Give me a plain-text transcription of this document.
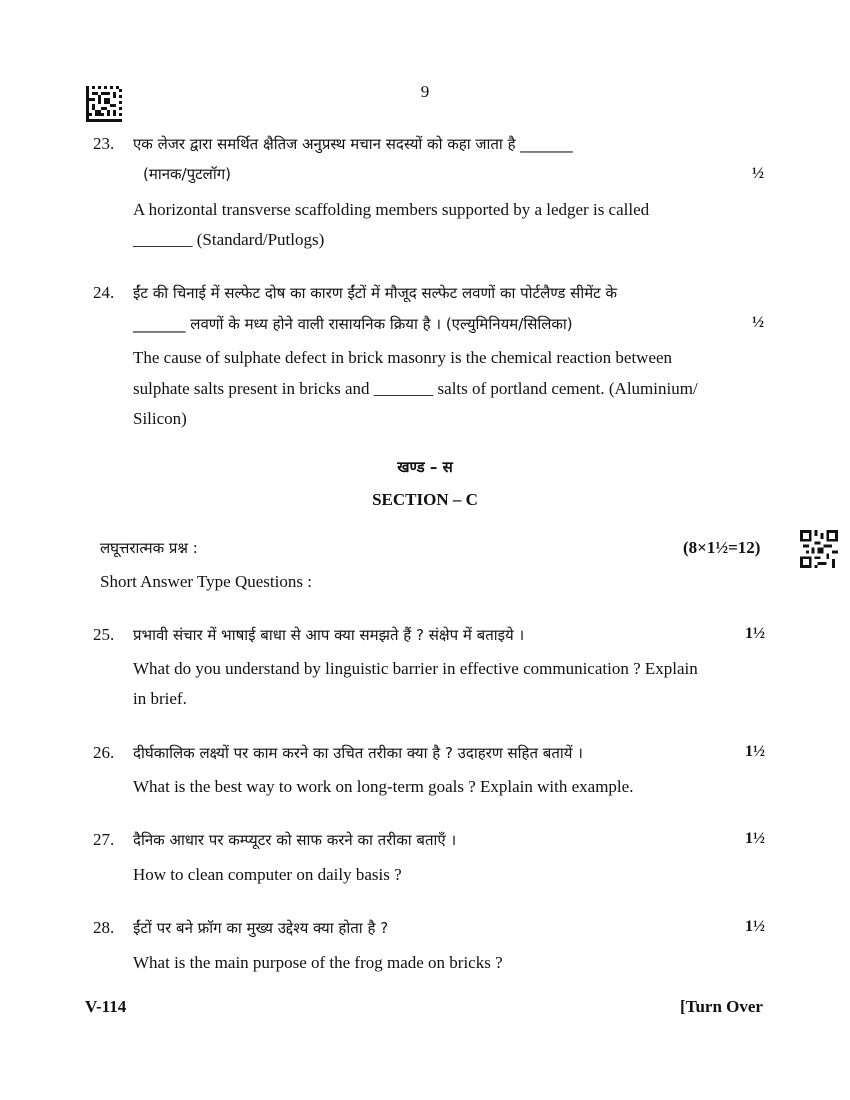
9
23. एक लेजर द्वारा समर्थित क्षैतिज अनुप्रस्थ मचान सदस्यों को कहा जाता है _______
(मानक/पुटलॉग)	½
A horizontal transverse scaffolding members supported by a ledger is called
_______ (Standard/Putlogs)
24. ईंट की चिनाई में सल्फेट दोष का कारण ईंटों में मौजूद सल्फेट लवणों का पोर्टलैण्ड सीमेंट के
_______ लवणों के मध्य होने वाली रासायनिक क्रिया है । (एल्युमिनियम/सिलिका)	½
The cause of sulphate defect in brick masonry is the chemical reaction between
sulphate salts present in bricks and _______ salts of portland cement. (Aluminium/
Silicon)
खण्ड – स
SECTION – C
लघूत्तरात्मक प्रश्न :	(8×1½=12)
Short Answer Type Questions :
25. प्रभावी संचार में भाषाई बाधा से आप क्या समझते हैं ? संक्षेप में बताइये ।	1½
What do you understand by linguistic barrier in effective communication ? Explain
in brief.
26. दीर्घकालिक लक्ष्यों पर काम करने का उचित तरीका क्या है ? उदाहरण सहित बतायें ।	1½
What is the best way to work on long-term goals ? Explain with example.
27. दैनिक आधार पर कम्प्यूटर को साफ करने का तरीका बताएँ ।	1½
How to clean computer on daily basis ?
28. ईंटों पर बने फ्रॉग का मुख्य उद्देश्य क्या होता है ?	1½
What is the main purpose of the frog made on bricks ?
V-114	[Turn Over
